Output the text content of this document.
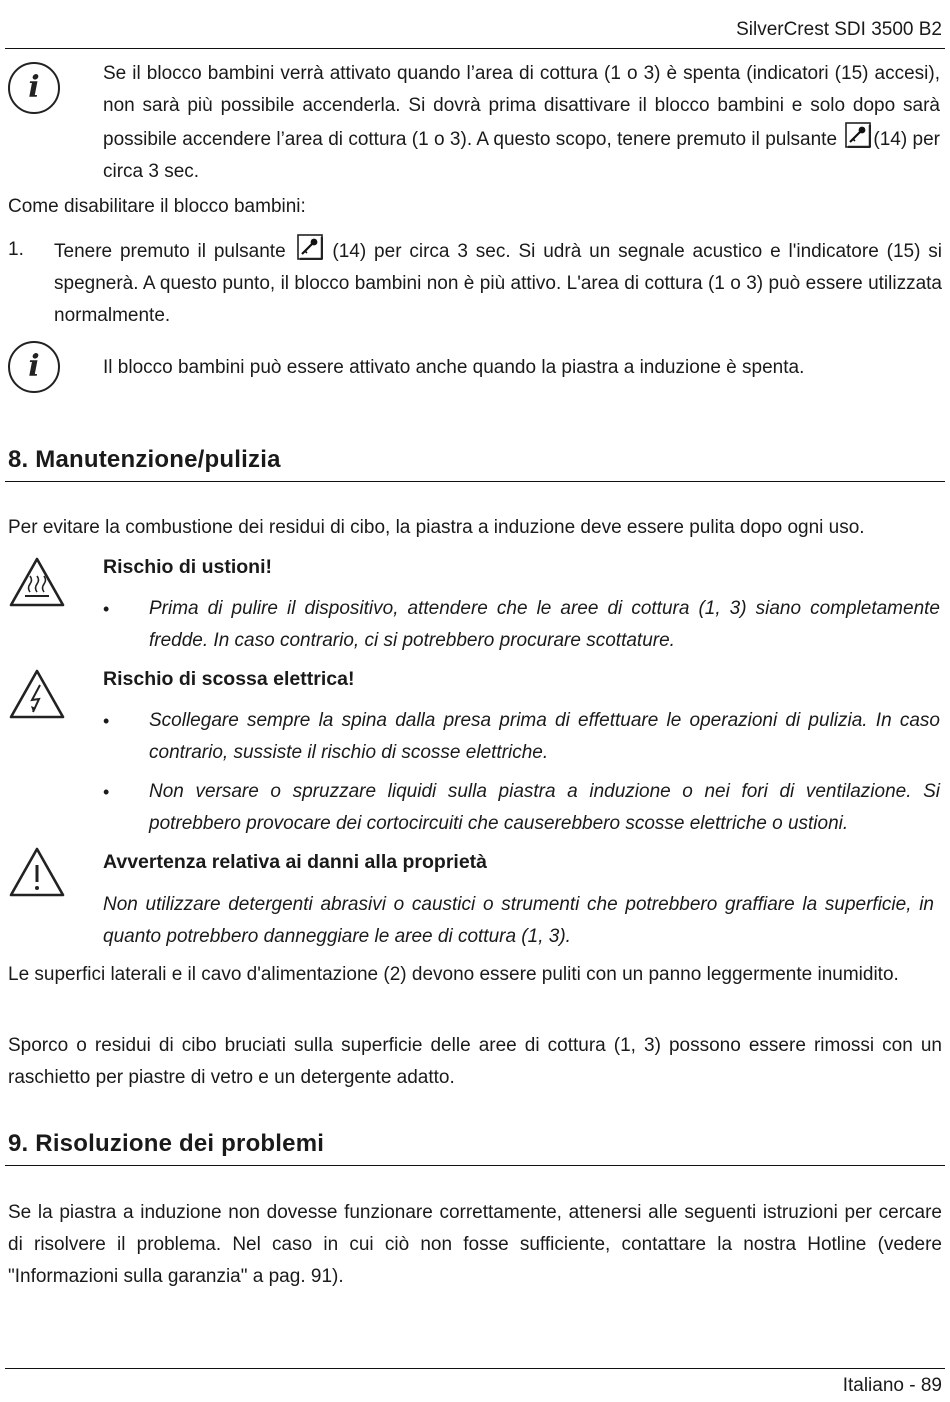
SilverCrest SDI 3500 B2
i	Se il blocco bambini verrà attivato quando l’area di cottura (1 o 3) è spenta (indicatori (15) accesi), non sarà più possibile accenderla. Si dovrà prima disattivare il blocco bambini e solo dopo sarà possibile accendere l’area di cottura (1 o 3). A questo scopo, tenere premuto il pulsante (14) per circa 3 sec.
Come disabilitare il blocco bambini:
1. Tenere premuto il pulsante (14) per circa 3 sec. Si udrà un segnale acustico e l'indicatore (15) si spegnerà. A questo punto, il blocco bambini non è più attivo. L'area di cottura (1 o 3) può essere utilizzata normalmente.
i	Il blocco bambini può essere attivato anche quando la piastra a induzione è spenta.
8. Manutenzione/pulizia
Per evitare la combustione dei residui di cibo, la piastra a induzione deve essere pulita dopo ogni uso.
Rischio di ustioni!
• Prima di pulire il dispositivo, attendere che le aree di cottura (1, 3) siano completamente fredde. In caso contrario, ci si potrebbero procurare scottature.
Rischio di scossa elettrica!
• Scollegare sempre la spina dalla presa prima di effettuare le operazioni di pulizia. In caso contrario, sussiste il rischio di scosse elettriche.
• Non versare o spruzzare liquidi sulla piastra a induzione o nei fori di ventilazione. Si potrebbero provocare dei cortocircuiti che causerebbero scosse elettriche o ustioni.
Avvertenza relativa ai danni alla proprietà
Non utilizzare detergenti abrasivi o caustici o strumenti che potrebbero graffiare la superficie, in quanto potrebbero danneggiare le aree di cottura (1, 3).
Le superfici laterali e il cavo d'alimentazione (2) devono essere puliti con un panno leggermente inumidito.
Sporco o residui di cibo bruciati sulla superficie delle aree di cottura (1, 3) possono essere rimossi con un raschietto per piastre di vetro e un detergente adatto.
9. Risoluzione dei problemi
Se la piastra a induzione non dovesse funzionare correttamente, attenersi alle seguenti istruzioni per cercare di risolvere il problema. Nel caso in cui ciò non fosse sufficiente, contattare la nostra Hotline (vedere "Informazioni sulla garanzia" a pag. 91).
Italiano - 89
